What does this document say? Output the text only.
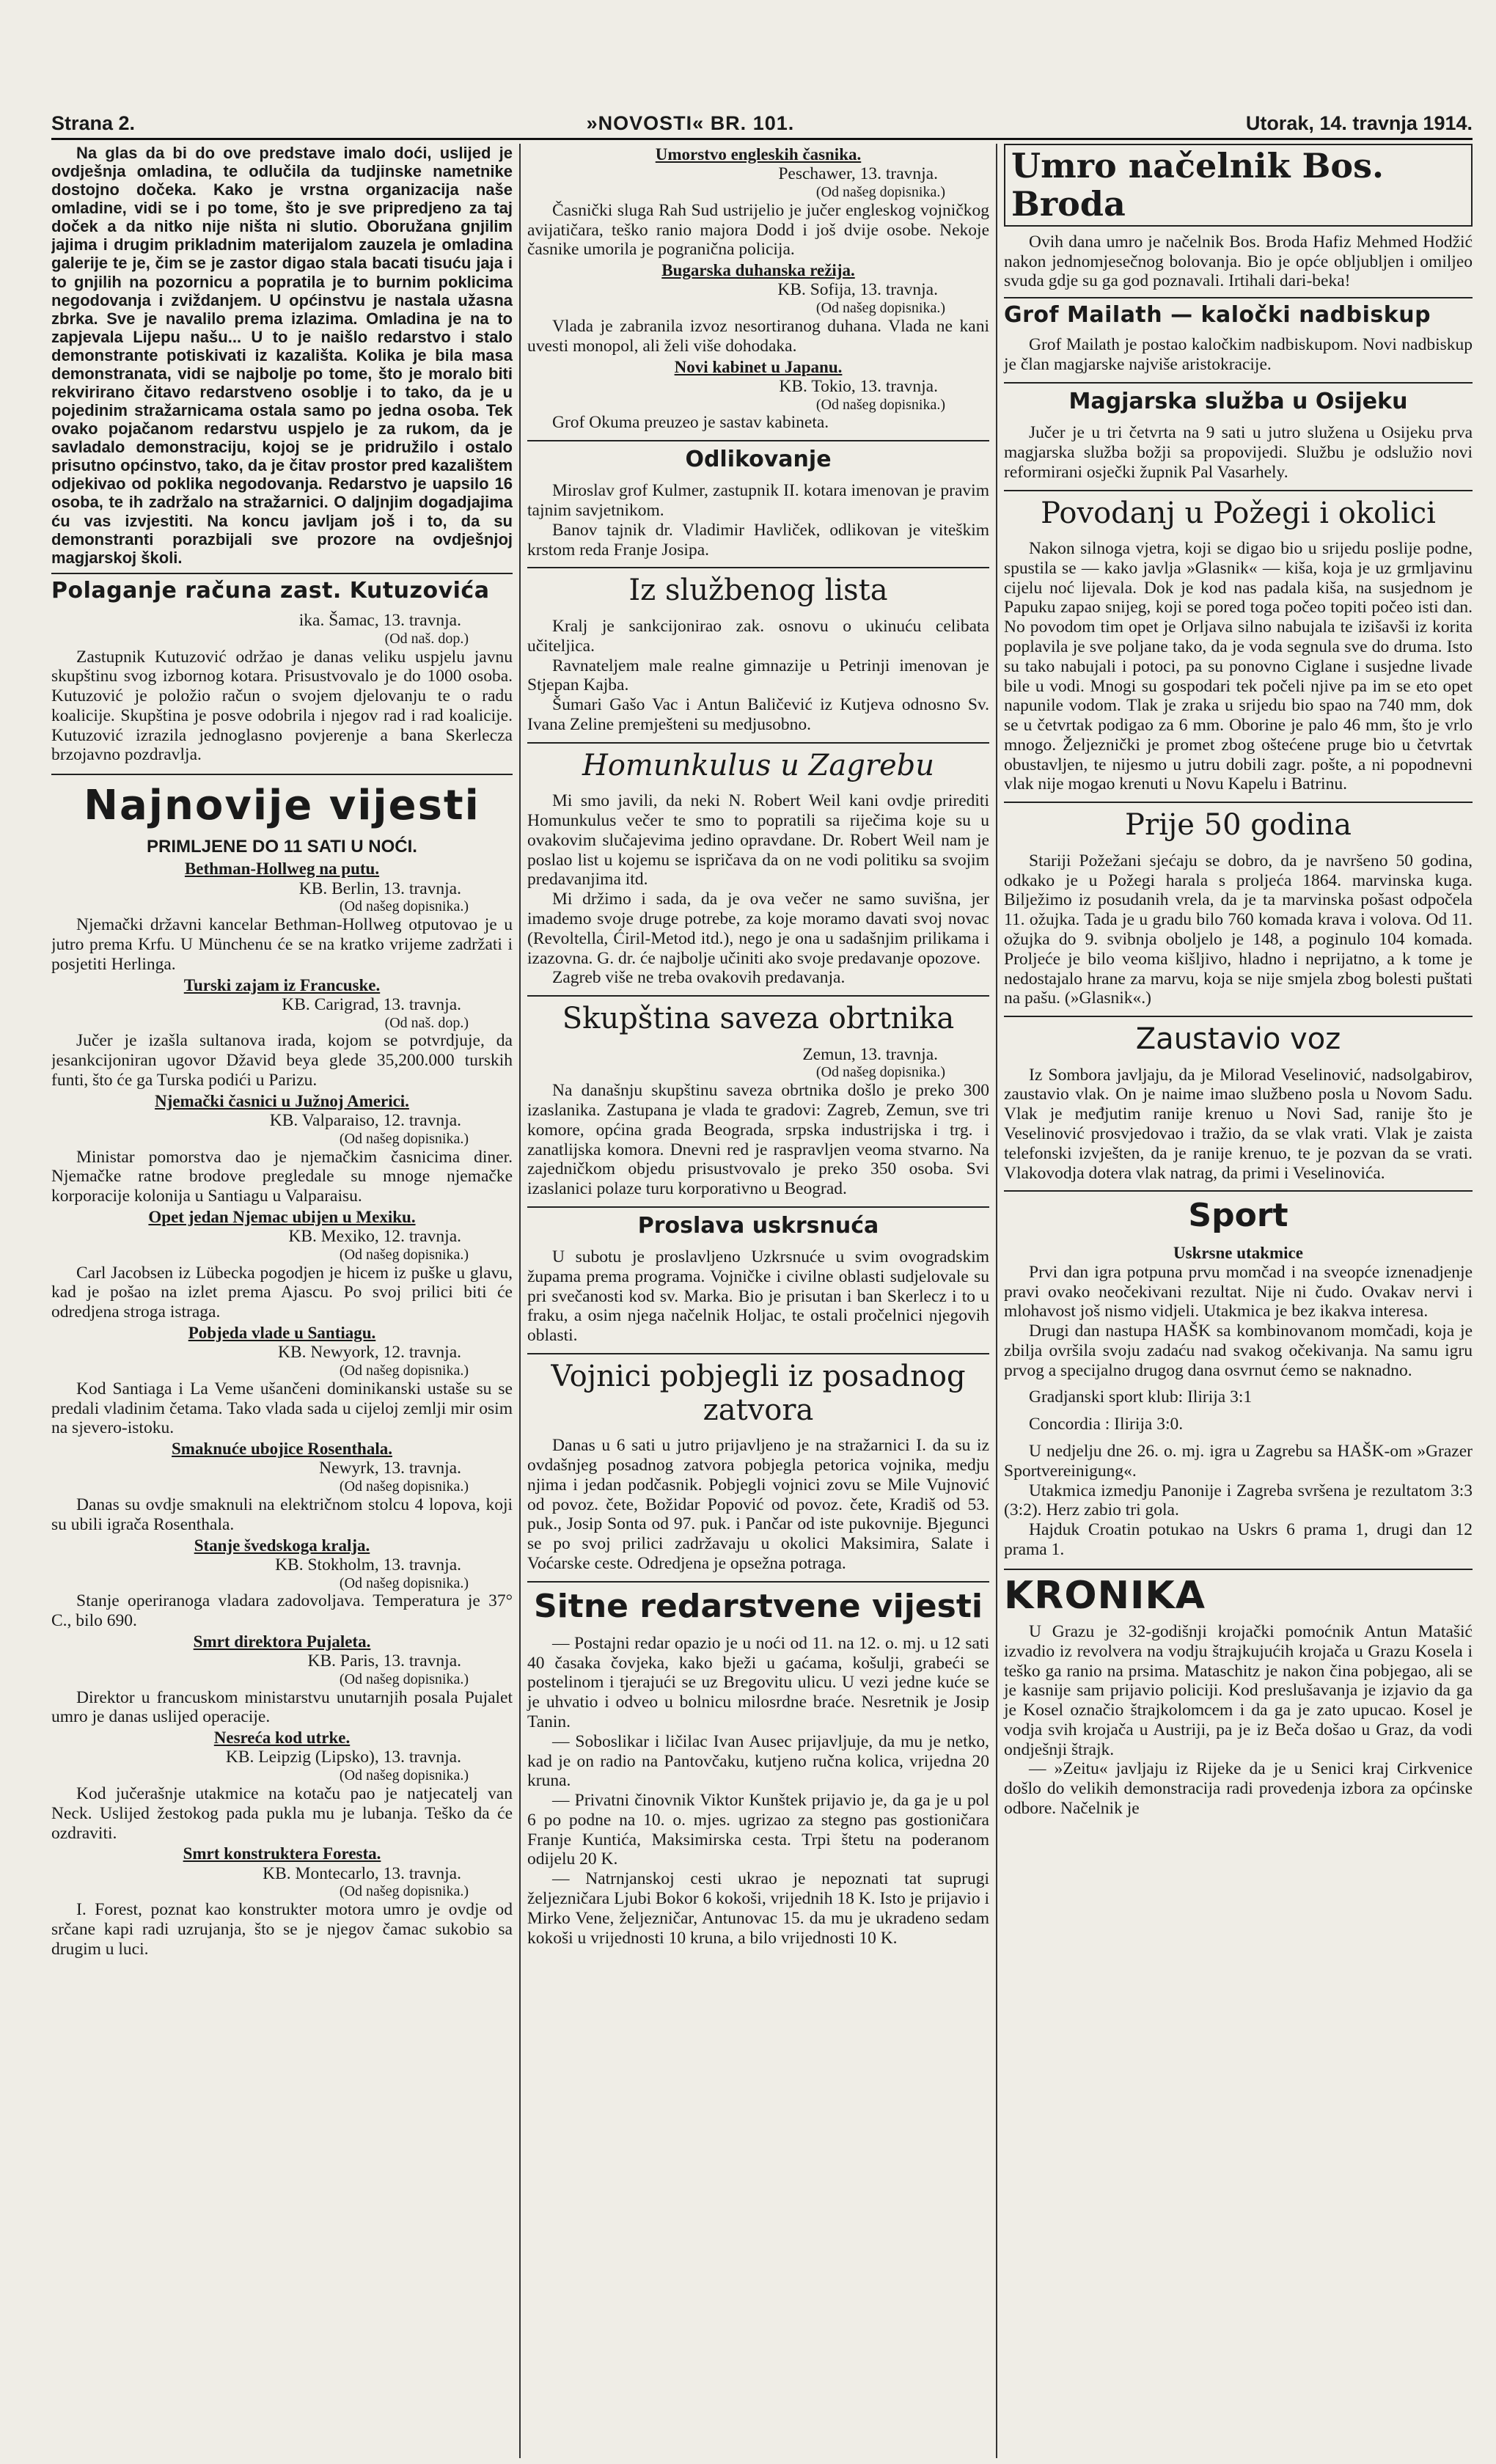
Strana 2.	»NOVOSTI« BR. 101.	Utorak, 14. travnja 1914.

Na glas da bi do ove predstave imalo doći, uslijed je ovdješnja omladina, te odlučila da tudjinske nametnike dostojno dočeka. Kako je vrstna organizacija naše omladine, vidi se i po tome, što je sve pripredjeno za taj doček a da nitko nije ništa ni slutio. Oboružana gnjilim jajima i drugim prikladnim materijalom zauzela je omladina galerije te je, čim se je zastor digao stala bacati tisuću jaja i to gnjilih na pozornicu a popratila je to burnim poklicima negodovanja i zviždanjem. U općinstvu je nastala užasna zbrka. Sve je navalilo prema izlazima. Omladina je na to zapjevala Lijepu našu... U to je naišlo redarstvo i stalo demonstrante potiskivati iz kazališta. Kolika je bila masa demonstranata, vidi se najbolje po tome, što je moralo biti rekvirirano čitavo redarstveno osoblje i to tako, da je u pojedinim stražarnicama ostala samo po jedna osoba. Tek ovako pojačanom redarstvu uspjelo je za rukom, da je savladalo demonstraciju, kojoj se je pridružilo i ostalo prisutno općinstvo, tako, da je čitav prostor pred kazalištem odjekivao od poklika negodovanja. Redarstvo je uapsilo 16 osoba, te ih zadržalo na stražarnici. O daljnjim dogadjajima ću vas izvjestiti. Na koncu javljam još i to, da su demonstranti porazbijali sve prozore na ovdješnjoj magjarskoj školi.

Polaganje računa zast. Kutuzovića

ika. Šamac, 13. travnja.

(Od naš. dop.)

Zastupnik Kutuzović održao je danas veliku uspjelu javnu skupštinu svog izbornog kotara. Prisustvovalo je do 1000 osoba. Kutuzović je položio račun o svojem djelovanju te o radu koalicije. Skupština je posve odobrila i njegov rad i rad koalicije. Kutuzović izrazila jednoglasno povjerenje a bana Skerlecza brzojavno pozdravlja.

Najnovije vijesti
PRIMLJENE DO 11 SATI U NOĆI.
Bethman-Hollweg na putu.

KB. Berlin, 13. travnja.

(Od našeg dopisnika.)

Njemački državni kancelar Bethman-Hollweg otputovao je u jutro prema Krfu. U Münchenu će se na kratko vrijeme zadržati i posjetiti Herlinga.

Turski zajam iz Francuske.

KB. Carigrad, 13. travnja.

(Od naš. dop.)

Jučer je izašla sultanova irada, kojom se potvrdjuje, da jesankcijoniran ugovor Džavid beya glede 35,200.000 turskih funti, što će ga Turska podići u Parizu.

Njemački časnici u Južnoj Americi.

KB. Valparaiso, 12. travnja.

(Od našeg dopisnika.)

Ministar pomorstva dao je njemačkim časnicima diner. Njemačke ratne brodove pregledale su mnoge njemačke korporacije kolonija u Santiagu u Valparaisu.

Opet jedan Njemac ubijen u Mexiku.

KB. Mexiko, 12. travnja.

(Od našeg dopisnika.)

Carl Jacobsen iz Lübecka pogodjen je hicem iz puške u glavu, kad je pošao na izlet prema Ajascu. Po svoj prilici biti će odredjena stroga istraga.

Pobjeda vlade u Santiagu.

KB. Newyork, 12. travnja.

(Od našeg dopisnika.)

Kod Santiaga i La Veme ušančeni dominikanski ustaše su se predali vladinim četama. Tako vlada sada u cijeloj zemlji mir osim na sjevero-istoku.

Smaknuće ubojice Rosenthala.

Newyrk, 13. travnja.

(Od našeg dopisnika.)

Danas su ovdje smaknuli na električnom stolcu 4 lopova, koji su ubili igrača Rosenthala.

Stanje švedskoga kralja.

KB. Stokholm, 13. travnja.

(Od našeg dopisnika.)

Stanje operiranoga vladara zadovoljava. Temperatura je 37° C., bilo 690.

Smrt direktora Pujaleta.

KB. Paris, 13. travnja.

(Od našeg dopisnika.)

Direktor u francuskom ministarstvu unutarnjih posala Pujalet umro je danas uslijed operacije.

Nesreća kod utrke.

KB. Leipzig (Lipsko), 13. travnja.

(Od našeg dopisnika.)

Kod jučerašnje utakmice na kotaču pao je natjecatelj van Neck. Uslijed žestokog pada pukla mu je lubanja. Teško da će ozdraviti.

Smrt konstruktera Foresta.

KB. Montecarlo, 13. travnja.

(Od našeg dopisnika.)

I. Forest, poznat kao konstrukter motora umro je ovdje od srčane kapi radi uzrujanja, što se je njegov čamac sukobio sa drugim u luci.

Umorstvo engleskih časnika.

Peschawer, 13. travnja.

(Od našeg dopisnika.)

Časnički sluga Rah Sud ustrijelio je jučer engleskog vojničkog avijatičara, teško ranio majora Dodd i još dvije osobe. Nekoje časnike umorila je pogranična policija.

Bugarska duhanska režija.

KB. Sofija, 13. travnja.

(Od našeg dopisnika.)

Vlada je zabranila izvoz nesortiranog duhana. Vlada ne kani uvesti monopol, ali želi više dohodaka.

Novi kabinet u Japanu.

KB. Tokio, 13. travnja.

(Od našeg dopisnika.)

Grof Okuma preuzeo je sastav kabineta.

Odlikovanje

Miroslav grof Kulmer, zastupnik II. kotara imenovan je pravim tajnim savjetnikom.

Banov tajnik dr. Vladimir Havliček, odlikovan je viteškim krstom reda Franje Josipa.

Iz službenog lista

Kralj je sankcijonirao zak. osnovu o ukinuću celibata učiteljica.

Ravnateljem male realne gimnazije u Petrinji imenovan je Stjepan Kajba.

Šumari Gašo Vac i Antun Baličević iz Kutjeva odnosno Sv. Ivana Zeline premješteni su medjusobno.

Homunkulus u Zagrebu

Mi smo javili, da neki N. Robert Weil kani ovdje prirediti Homunkulus večer te smo to popratili sa riječima koje su u ovakovim slučajevima jedino opravdane. Dr. Robert Weil nam je poslao list u kojemu se ispričava da on ne vodi politiku sa svojim predavanjima itd.

Mi držimo i sada, da je ova večer ne samo suvišna, jer imademo svoje druge potrebe, za koje moramo davati svoj novac (Revoltella, Ćiril-Metod itd.), nego je ona u sadašnjim prilikama i izazovna. G. dr. će najbolje učiniti ako svoje predavanje opozove.

Zagreb više ne treba ovakovih predavanja.

Skupština saveza obrtnika

Zemun, 13. travnja.

(Od našeg dopisnika.)

Na današnju skupštinu saveza obrtnika došlo je preko 300 izaslanika. Zastupana je vlada te gradovi: Zagreb, Zemun, sve tri komore, općina grada Beograda, srpska industrijska i trg. i zanatlijska komora. Dnevni red je raspravljen veoma stvarno. Na zajedničkom objedu prisustvovalo je preko 350 osoba. Svi izaslanici polaze turu korporativno u Beograd.

Proslava uskrsnuća

U subotu je proslavljeno Uzkrsnuće u svim ovogradskim župama prema programa. Vojničke i civilne oblasti sudjelovale su pri svečanosti kod sv. Marka. Bio je prisutan i ban Skerlecz i to u fraku, a osim njega načelnik Holjac, te ostali pročelnici njegovih oblasti.

Vojnici pobjegli iz posadnog zatvora

Danas u 6 sati u jutro prijavljeno je na stražarnici I. da su iz ovdašnjeg posadnog zatvora pobjegla petorica vojnika, medju njima i jedan podčasnik. Pobjegli vojnici zovu se Mile Vujnović od povoz. čete, Božidar Popović od povoz. čete, Kradiš od 53. puk., Josip Sonta od 97. puk. i Pančar od iste pukovnije. Bjegunci se po svoj prilici zadržavaju u okolici Maksimira, Salate i Voćarske ceste. Odredjena je opsežna potraga.

Sitne redarstvene vijesti

— Postajni redar opazio je u noći od 11. na 12. o. mj. u 12 sati 40 časaka čovjeka, kako bježi u gaćama, košulji, grabeći se postelinom i tjerajući se uz Bregovitu ulicu. U vezi jedne kuće se je uhvatio i odveo u bolnicu milosrdne braće. Nesretnik je Josip Tanin.

— Soboslikar i ličilac Ivan Ausec prijavljuje, da mu je netko, kad je on radio na Pantovčaku, kutjeno ručna kolica, vrijedna 20 kruna.

— Privatni činovnik Viktor Kunštek prijavio je, da ga je u pol 6 po podne na 10. o. mjes. ugrizao za stegno pas gostioničara Franje Kuntića, Maksimirska cesta. Trpi štetu na poderanom odijelu 20 K.

— Natrnjanskoj cesti ukrao je nepoznati tat suprugi željezničara Ljubi Bokor 6 kokoši, vrijednih 18 K. Isto je prijavio i Mirko Vene, željezničar, Antunovac 15. da mu je ukradeno sedam kokoši u vrijednosti 10 kruna, a bilo vrijednosti 10 K.

Umro načelnik Bos. Broda

Ovih dana umro je načelnik Bos. Broda Hafiz Mehmed Hodžić nakon jednomjesečnog bolovanja. Bio je opće obljubljen i omiljeo svuda gdje su ga god poznavali. Irtihali dari-beka!

Grof Mailath — kaločki nadbiskup

Grof Mailath je postao kaločkim nadbiskupom. Novi nadbiskup je član magjarske najviše aristokracije.

Magjarska služba u Osijeku

Jučer je u tri četvrta na 9 sati u jutro služena u Osijeku prva magjarska služba božji sa propovijedi. Službu je odslužio novi reformirani osječki župnik Pal Vasarhely.

Povodanj u Požegi i okolici

Nakon silnoga vjetra, koji se digao bio u srijedu poslije podne, spustila se — kako javlja »Glasnik« — kiša, koja je uz grmljavinu cijelu noć lijevala. Dok je kod nas padala kiša, na susjednom je Papuku zapao snijeg, koji se pored toga počeo topiti počeo isti dan. No povodom tim opet je Orljava silno nabujala te izišavši iz korita poplavila je sve poljane tako, da je voda segnula sve do druma. Isto su tako nabujali i potoci, pa su ponovno Ciglane i susjedne livade bile u vodi. Mnogi su gospodari tek počeli njive pa im se eto opet napunile vodom. Tlak je zraka u srijedu bio spao na 740 mm, dok se u četvrtak podigao za 6 mm. Oborine je palo 46 mm, što je vrlo mnogo. Željeznički je promet zbog oštećene pruge bio u četvrtak obustavljen, te nijesmo u jutru dobili zagr. pošte, a ni popodnevni vlak nije mogao krenuti u Novu Kapelu i Batrinu.

Prije 50 godina

Stariji Požežani sjećaju se dobro, da je navršeno 50 godina, odkako je u Požegi harala s proljeća 1864. marvinska kuga. Bilježimo iz posudanih vrela, da je ta marvinska pošast odpočela 11. ožujka. Tada je u gradu bilo 760 komada krava i volova. Od 11. ožujka do 9. svibnja oboljelo je 148, a poginulo 104 komada. Proljeće je bilo veoma kišljivo, hladno i neprijatno, a k tome je nedostajalo hrane za marvu, koja se nije smjela zbog bolesti puštati na pašu. (»Glasnik«.)

Zaustavio voz

Iz Sombora javljaju, da je Milorad Veselinović, nadsolgabirov, zaustavio vlak. On je naime imao službeno posla u Novom Sadu. Vlak je međjutim ranije krenuo u Novi Sad, ranije što je Veselinović prosvjedovao i tražio, da se vlak vrati. Vlak je zaista telefonski izvješten, da je ranije krenuo, te je pozvan da se vrati. Vlakovodja dotera vlak natrag, da primi i Veselinovića.

Sport
Uskrsne utakmice

Prvi dan igra potpuna prvu momčad i na sveopće iznenadjenje pravi ovako neočekivani rezultat. Nije ni čudo. Ovakav nervi i mlohavost još nismo vidjeli. Utakmica je bez ikakva interesa.

Drugi dan nastupa HAŠK sa kombinovanom momčadi, koja je zbilja ovršila svoju zadaću nad svakog očekivanja. Na samu igru prvog a specijalno drugog dana osvrnut ćemo se naknadno.

Gradjanski sport klub: Ilirija 3:1

Concordia : Ilirija 3:0.

U nedjelju dne 26. o. mj. igra u Zagrebu sa HAŠK-om »Grazer Sportvereinigung«.

Utakmica izmedju Panonije i Zagreba svršena je rezultatom 3:3 (3:2). Herz zabio tri gola.

Hajduk Croatin potukao na Uskrs 6 prama 1, drugi dan 12 prama 1.

KRONIKA

U Grazu je 32-godišnji krojački pomoćnik Antun Matašić izvadio iz revolvera na vodju štrajkujućih krojača u Grazu Kosela i teško ga ranio na prsima. Mataschitz je nakon čina pobjegao, ali se je kasnije sam prijavio policiji. Kod preslušavanja je izjavio da ga je Kosel označio štrajkolomcem i da ga je zato upucao. Kosel je vodja svih krojača u Austriji, pa je iz Beča došao u Graz, da vodi ondješnji štrajk.

— »Zeitu« javljaju iz Rijeke da je u Senici kraj Cirkvenice došlo do velikih demonstracija radi provedenja izbora za općinske odbore. Načelnik je
